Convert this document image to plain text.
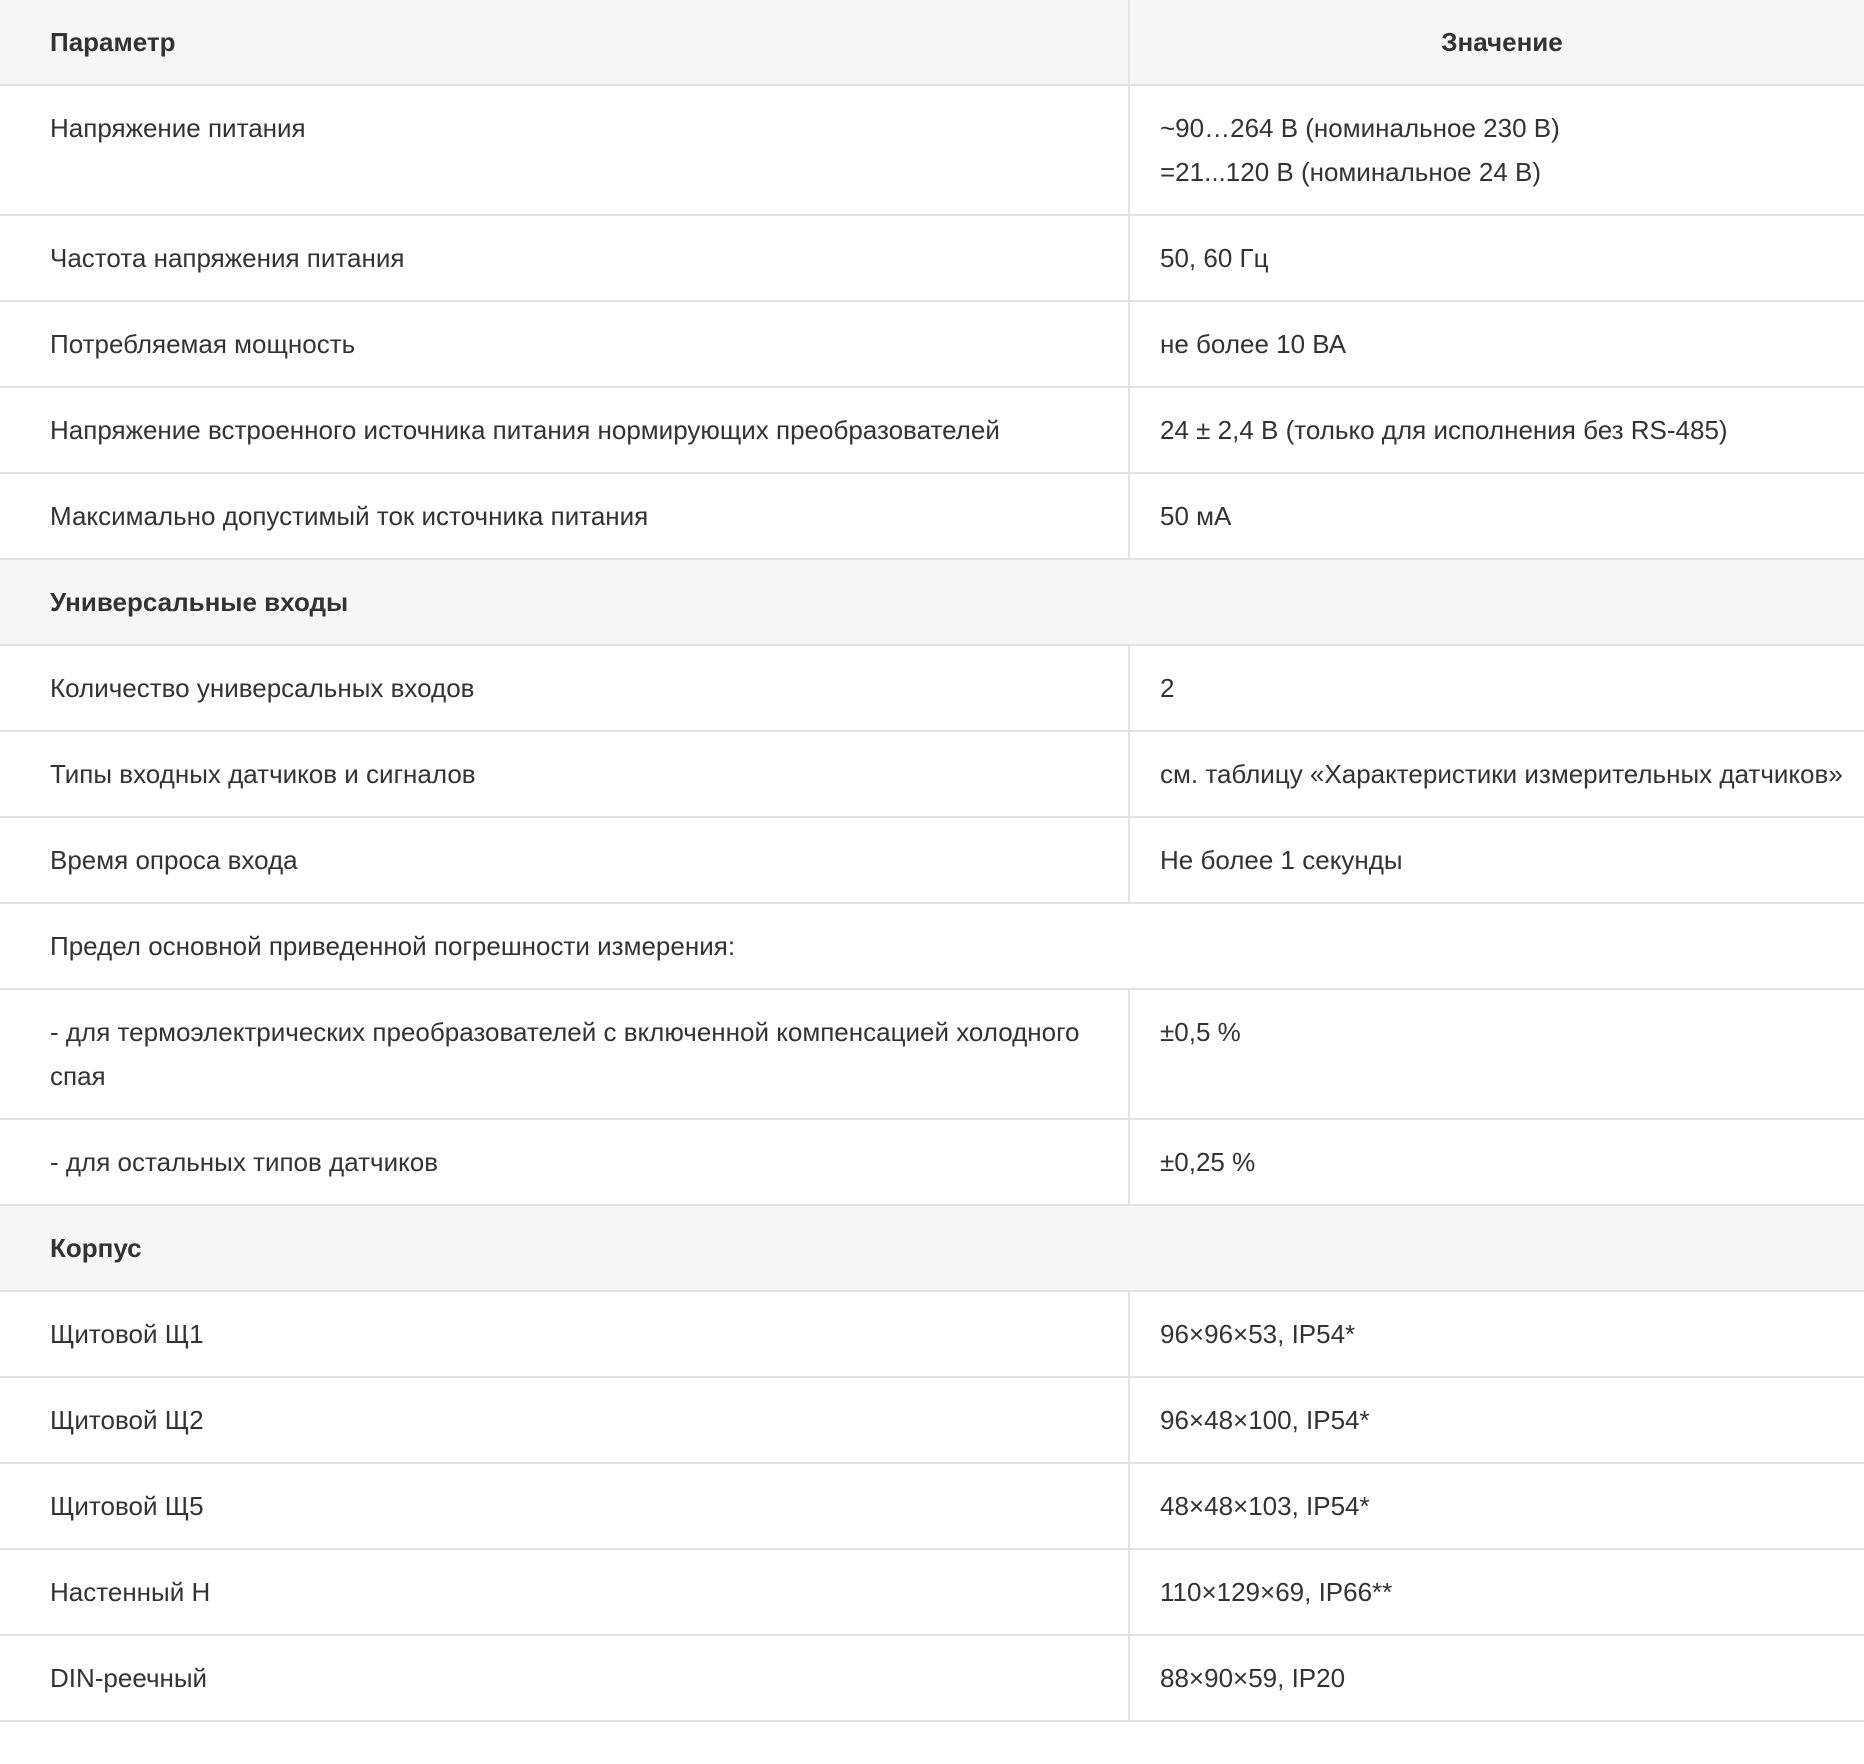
Параметр	Значение
Напряжение питания	~90…264 В (номинальное 230 В)
=21...120 В (номинальное 24 В)

Частота напряжения питания	50, 60 Гц
Потребляемая мощность	не более 10 ВА
Напряжение встроенного источника питания нормирующих преобразователей	24 ± 2,4 В (только для исполнения без RS-485)
Максимально допустимый ток источника питания	50 мА
Универсальные входы	
Количество универсальных входов	2
Типы входных датчиков и сигналов	см. таблицу «Характеристики измерительных датчиков»
Время опроса входа	Не более 1 секунды
Предел основной приведенной погрешности измерения:	
- для термоэлектрических преобразователей с включенной компенсацией холодного спая	±0,5 %
- для остальных типов датчиков	±0,25 %
Корпус	
Щитовой Щ1	96×96×53, IP54*
Щитовой Щ2	96×48×100, IP54*
Щитовой Щ5	48×48×103, IP54*
Настенный Н	110×129×69, IP66**
DIN-реечный	88×90×59, IP20
